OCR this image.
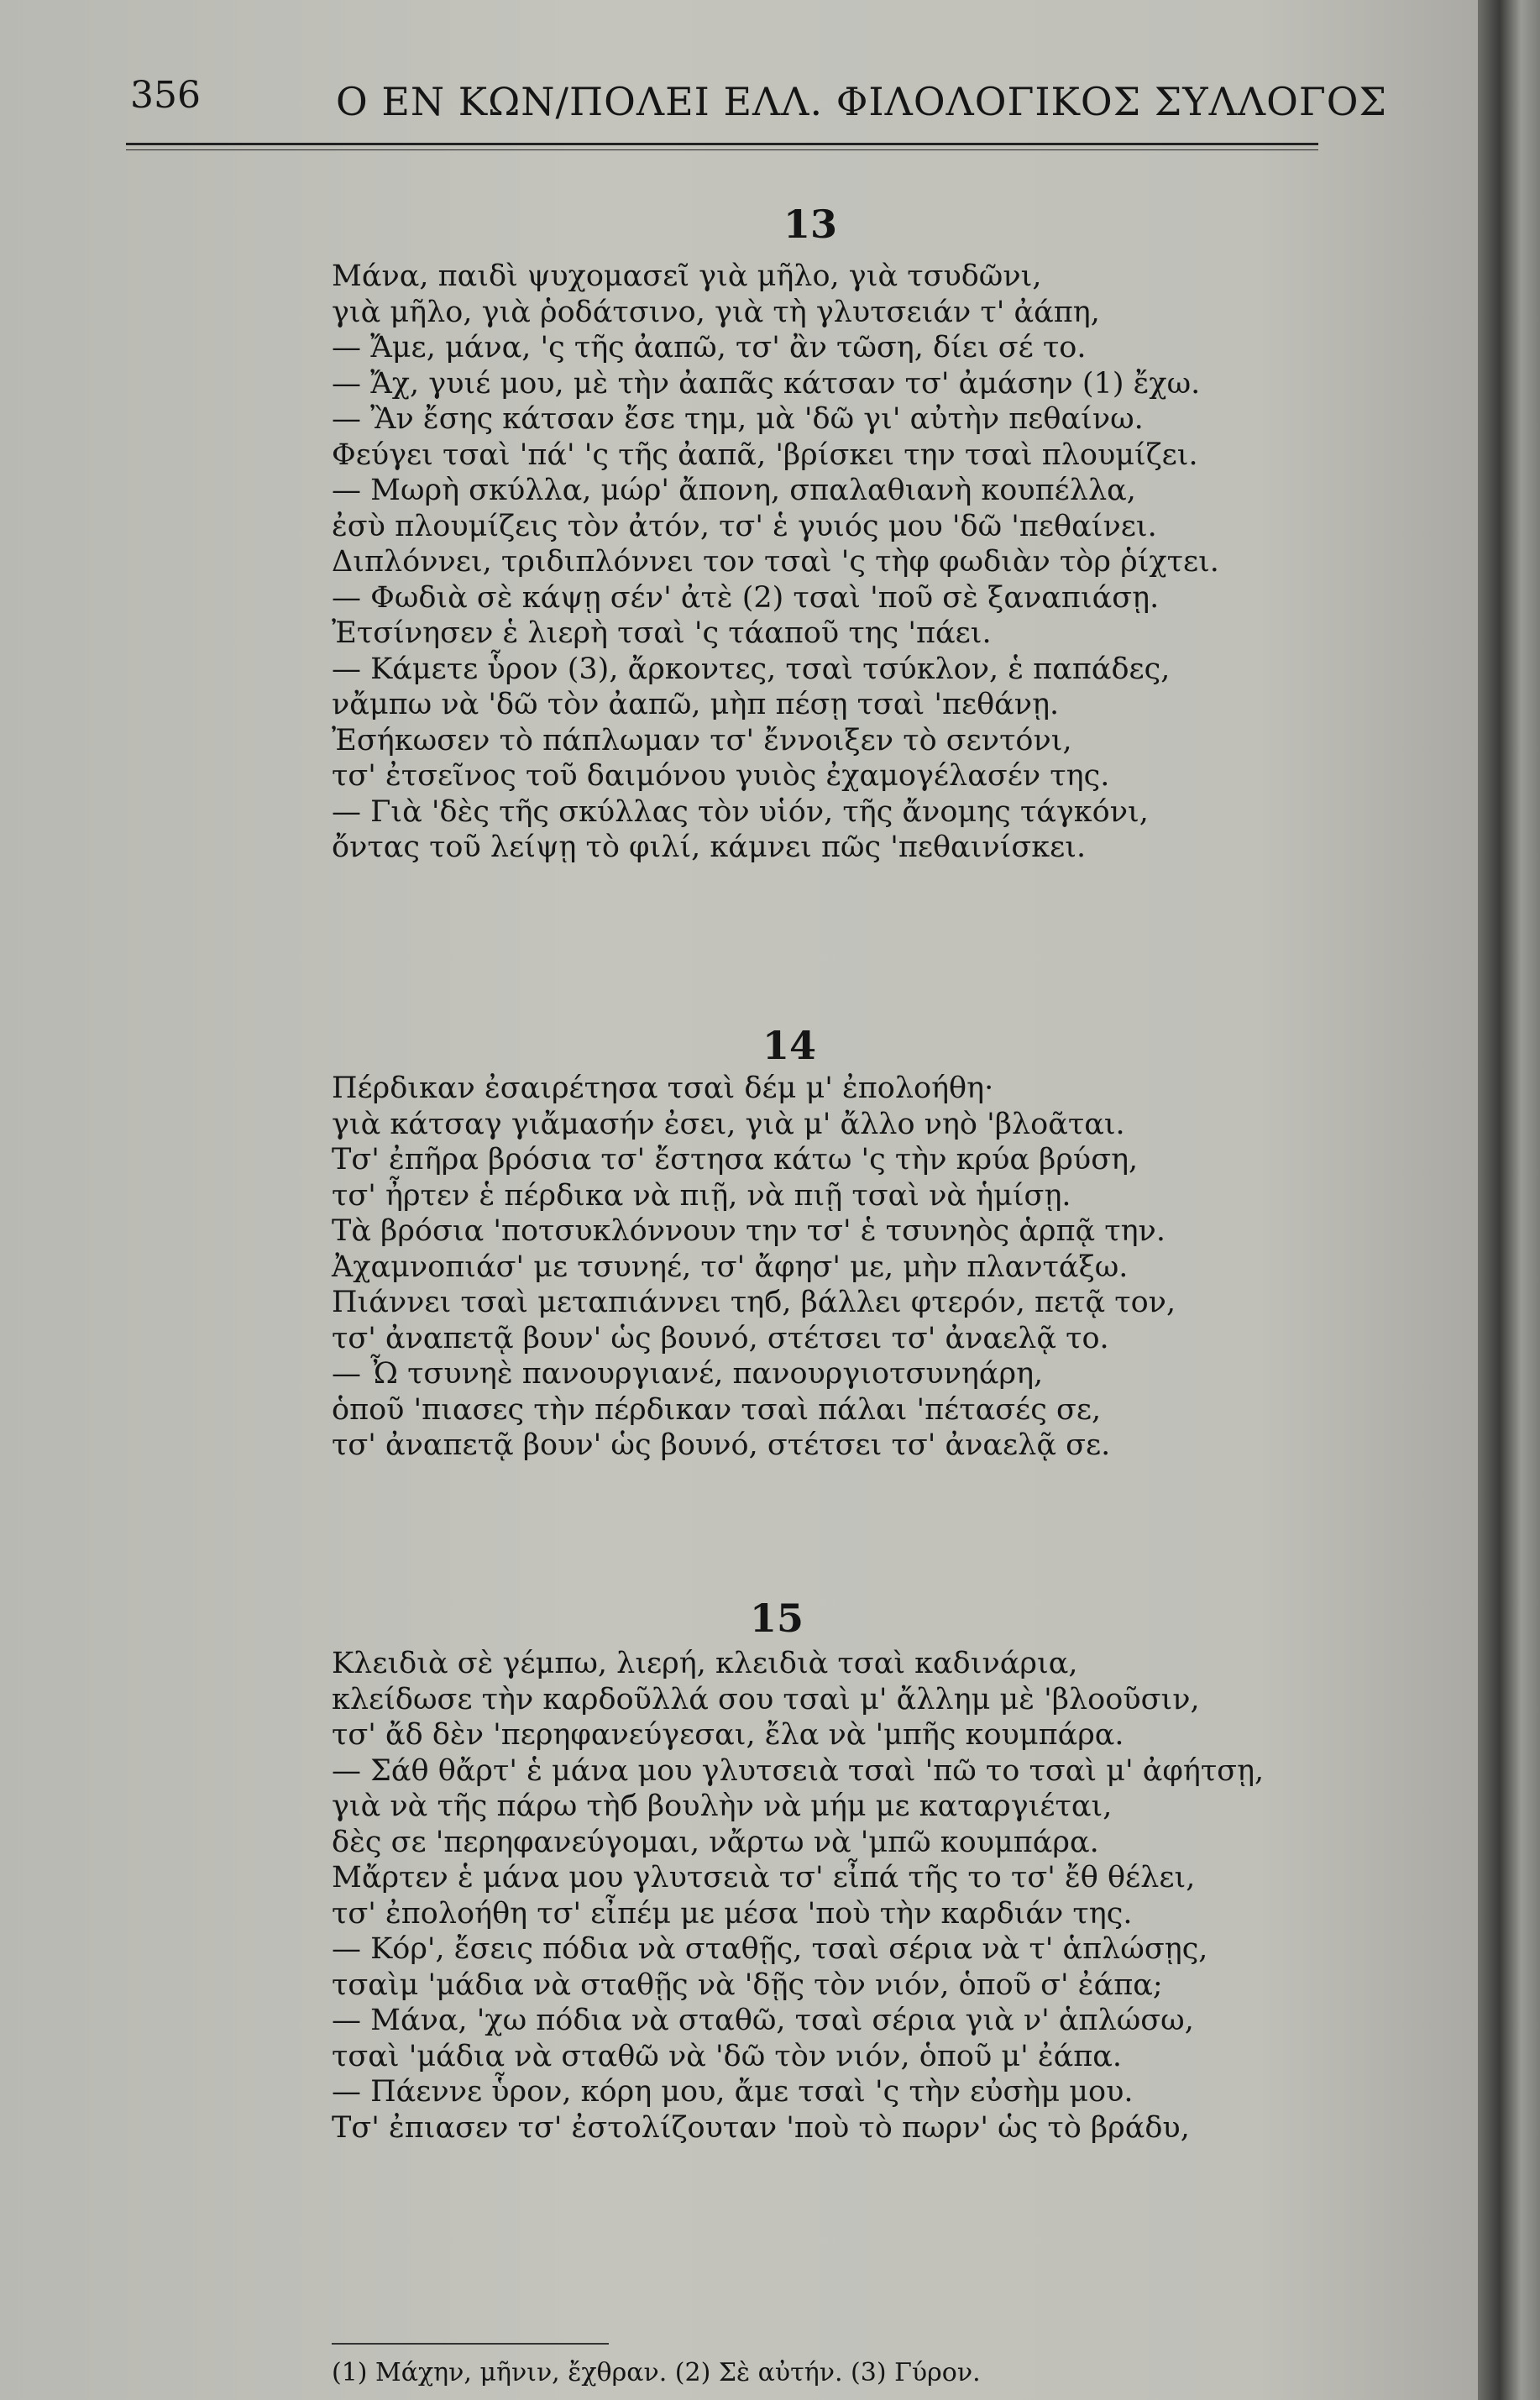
356	Ο ΕΝ ΚΩΝ/ΠΟΛΕΙ ΕΛΛ. ΦΙΛΟΛΟΓΙΚΟΣ ΣΥΛΛΟΓΟΣ
13
Μάνα, παιδὶ ψυχομασεῖ γιὰ μῆλο, γιὰ τσυδῶνι,
γιὰ μῆλο, γιὰ ῥοδάτσινο, γιὰ τὴ γλυτσειάν τ' ἀάπη,
— Ἄμε, μάνα, 'ς τῆς ἀαπῶ, τσ' ἂν τῶση, δίει σέ το.
— Ἄχ, γυιέ μου, μὲ τὴν ἀαπᾶς κάτσαν τσ' ἀμάσην (1) ἔχω.
— Ἂν ἔσης κάτσαν ἔσε τημ, μὰ 'δῶ γι' αὐτὴν πεθαίνω.
Φεύγει τσαὶ 'πά' 'ς τῆς ἀαπᾶ, 'βρίσκει την τσαὶ πλουμίζει.
— Μωρὴ σκύλλα, μώρ' ἄπονη, σπαλαθιανὴ κουπέλλα,
ἐσὺ πλουμίζεις τὸν ἀτόν, τσ' ἑ γυιός μου 'δῶ 'πεθαίνει.
Διπλόννει, τριδιπλόννει τον τσαὶ 'ς τὴφ φωδιὰν τὸρ ῥίχτει.
— Φωδιὰ σὲ κάψῃ σέν' ἀτὲ (2) τσαὶ 'ποῦ σὲ ξαναπιάσῃ.
Ἐτσίνησεν ἑ λιερὴ τσαὶ 'ς τάαποῦ της 'πάει.
— Κάμετε ὗρον (3), ἄρκοντες, τσαὶ τσύκλον, ἑ παπάδες,
νἄμπω νὰ 'δῶ τὸν ἀαπῶ, μὴπ πέσῃ τσαὶ 'πεθάνῃ.
Ἐσήκωσεν τὸ πάπλωμαν τσ' ἔννοιξεν τὸ σεντόνι,
τσ' ἐτσεῖνος τοῦ δαιμόνου γυιὸς ἐχαμογέλασέν της.
— Γιὰ 'δὲς τῆς σκύλλας τὸν υἱόν, τῆς ἄνομης τάγκόνι,
ὄντας τοῦ λείψῃ τὸ φιλί, κάμνει πῶς 'πεθαινίσκει.
14
Πέρδικαν ἐσαιρέτησα τσαὶ δέμ μ' ἐπολοήθη·
γιὰ κάτσαγ γιἄμασήν ἐσει, γιὰ μ' ἄλλο νηὸ 'βλοᾶται.
Τσ' ἐπῆρα βρόσια τσ' ἔστησα κάτω 'ς τὴν κρύα βρύση,
τσ' ἦρτεν ἑ πέρδικα νὰ πιῇ, νὰ πιῇ τσαὶ νὰ ἡμίσῃ.
Τὰ βρόσια 'ποτσυκλόννουν την τσ' ἑ τσυνηὸς ἁρπᾷ την.
Ἀχαμνοπιάσ' με τσυνηέ, τσ' ἄφησ' με, μὴν πλαντάξω.
Πιάννει τσαὶ μεταπιάννει τηб, βάλλει φτερόν, πετᾷ τον,
τσ' ἀναπετᾷ βουν' ὡς βουνό, στέτσει τσ' ἀναελᾷ το.
— Ὦ τσυνηὲ πανουργιανέ, πανουργιοτσυνηάρη,
ὁποῦ 'πιασες τὴν πέρδικαν τσαὶ πάλαι 'πέτασές σε,
τσ' ἀναπετᾷ βουν' ὡς βουνό, στέτσει τσ' ἀναελᾷ σε.
15
Κλειδιὰ σὲ γέμπω, λιερή, κλειδιὰ τσαὶ καδινάρια,
κλείδωσε τὴν καρδοῦλλά σου τσαὶ μ' ἄλλημ μὲ 'βλοοῦσιν,
τσ' ἄδ δὲν 'περηφανεύγεσαι, ἔλα νὰ 'μπῆς κουμπάρα.
— Σάθ θἄρτ' ἑ μάνα μου γλυτσειὰ τσαὶ 'πῶ το τσαὶ μ' ἀφήτσῃ,
γιὰ νὰ τῆς πάρω τὴб βουλὴν νὰ μήμ με καταργιέται,
δὲς σε 'περηφανεύγομαι, νἄρτω νὰ 'μπῶ κουμπάρα.
Μἄρτεν ἑ μάνα μου γλυτσειὰ τσ' εἶπά τῆς το τσ' ἔθ θέλει,
τσ' ἐπολοήθη τσ' εἶπέμ με μέσα 'ποὺ τὴν καρδιάν της.
— Κόρ', ἔσεις πόδια νὰ σταθῇς, τσαὶ σέρια νὰ τ' ἁπλώσῃς,
τσαὶμ 'μάδια νὰ σταθῇς νὰ 'δῇς τὸν νιόν, ὁποῦ σ' ἐάπα;
— Μάνα, 'χω πόδια νὰ σταθῶ, τσαὶ σέρια γιὰ ν' ἁπλώσω,
τσαὶ 'μάδια νὰ σταθῶ νὰ 'δῶ τὸν νιόν, ὁποῦ μ' ἐάπα.
— Πάεννε ὗρον, κόρη μου, ἄμε τσαὶ 'ς τὴν εὐσὴμ μου.
Τσ' ἐπιασεν τσ' ἐστολίζουταν 'ποὺ τὸ πωρν' ὡς τὸ βράδυ,
(1) Μάχην, μῆνιν, ἔχθραν. (2) Σὲ αὐτήν. (3) Γύρον.
